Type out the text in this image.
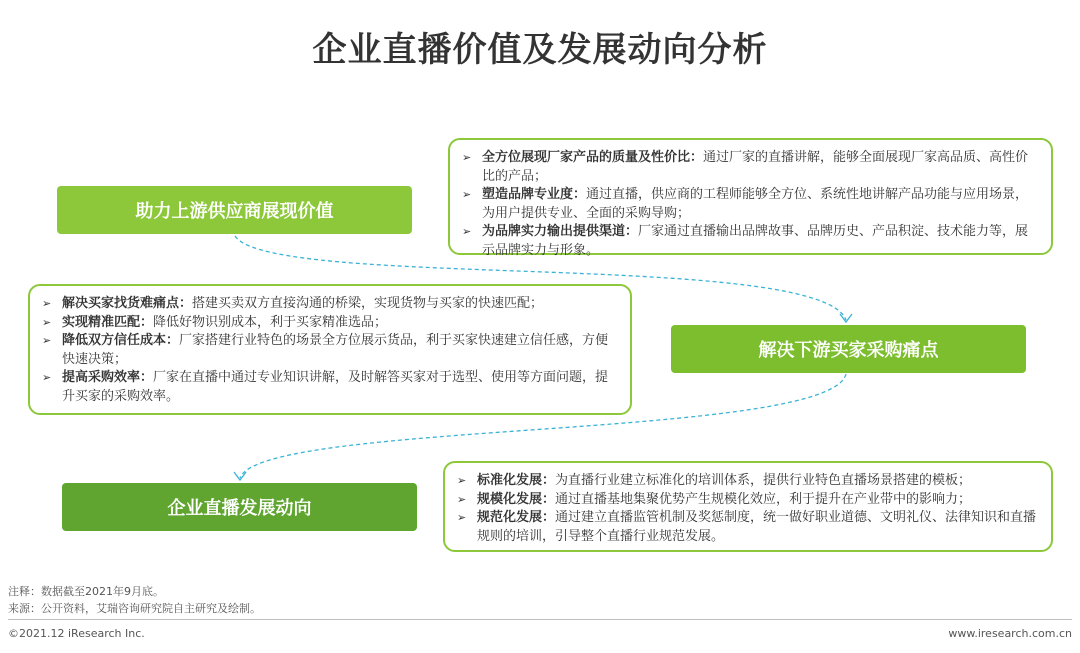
企业直播价值及发展动向分析
助力上游供应商展现价值
解决下游买家采购痛点
企业直播发展动向
➢ 全方位展现厂家产品的质量及性价比：通过厂家的直播讲解，能够全面展现厂家高品质、高性价比的产品；
➢ 塑造品牌专业度：通过直播，供应商的工程师能够全方位、系统性地讲解产品功能与应用场景，为用户提供专业、全面的采购导购；
➢ 为品牌实力输出提供渠道：厂家通过直播输出品牌故事、品牌历史、产品积淀、技术能力等，展示品牌实力与形象。
➢ 解决买家找货难痛点：搭建买卖双方直接沟通的桥梁，实现货物与买家的快速匹配；
➢ 实现精准匹配：降低好物识别成本，利于买家精准选品；
➢ 降低双方信任成本：厂家搭建行业特色的场景全方位展示货品，利于买家快速建立信任感，方便快速决策；
➢ 提高采购效率：厂家在直播中通过专业知识讲解，及时解答买家对于选型、使用等方面问题，提升买家的采购效率。
➢ 标准化发展：为直播行业建立标准化的培训体系，提供行业特色直播场景搭建的模板；
➢ 规模化发展：通过直播基地集聚优势产生规模化效应，利于提升在产业带中的影响力；
➢ 规范化发展：通过建立直播监管机制及奖惩制度，统一做好职业道德、文明礼仪、法律知识和直播规则的培训，引导整个直播行业规范发展。
注释：数据截至2021年9月底。
来源：公开资料，艾瑞咨询研究院自主研究及绘制。
©2021.12 iResearch Inc.	www.iresearch.com.cn
